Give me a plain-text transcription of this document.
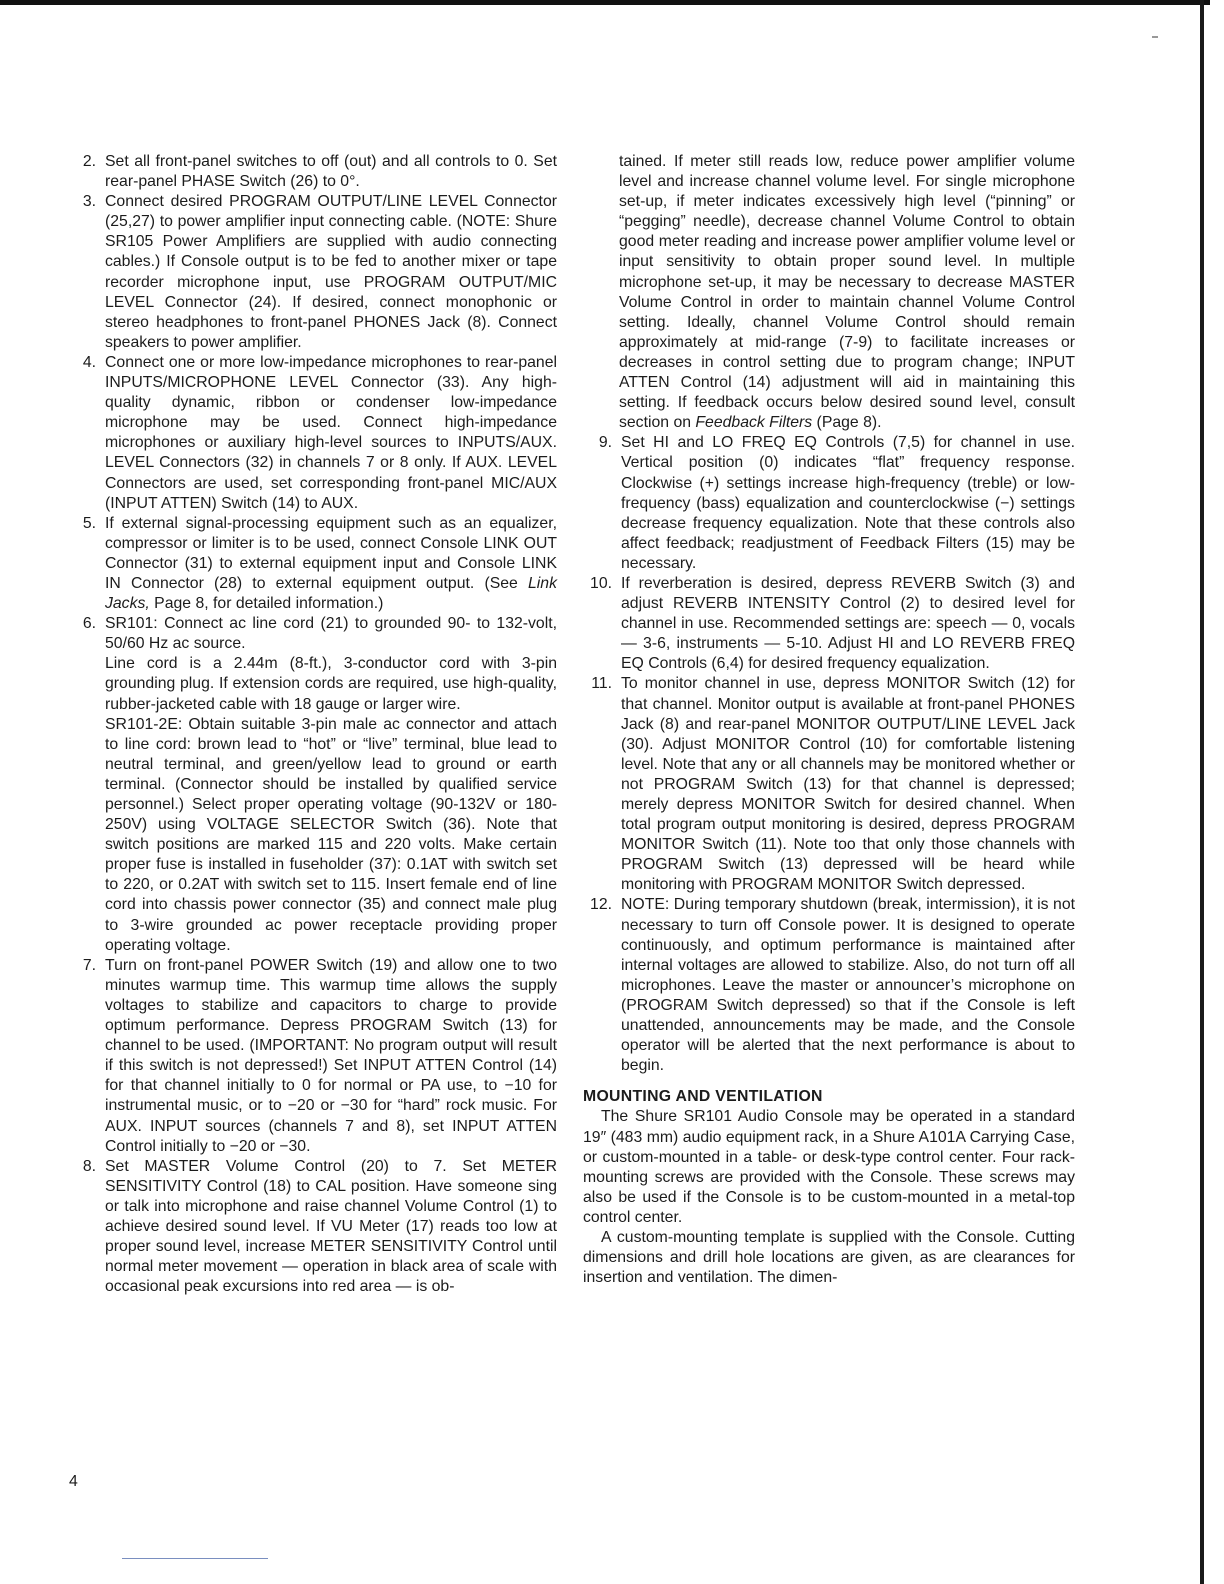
2. Set all front-panel switches to off (out) and all controls to 0. Set rear-panel PHASE Switch (26) to 0°.

3. Connect desired PROGRAM OUTPUT/LINE LEVEL Connector (25,27) to power amplifier input connecting cable. (NOTE: Shure SR105 Power Amplifiers are supplied with audio connecting cables.) If Console output is to be fed to another mixer or tape recorder microphone input, use PROGRAM OUTPUT/MIC LEVEL Connector (24). If desired, connect monophonic or stereo headphones to front-panel PHONES Jack (8). Connect speakers to power amplifier.

4. Connect one or more low-impedance microphones to rear-panel INPUTS/MICROPHONE LEVEL Connector (33). Any high-quality dynamic, ribbon or condenser low-impedance microphone may be used. Connect high-impedance microphones or auxiliary high-level sources to INPUTS/AUX. LEVEL Connectors (32) in channels 7 or 8 only. If AUX. LEVEL Connectors are used, set corresponding front-panel MIC/AUX (INPUT ATTEN) Switch (14) to AUX.

5. If external signal-processing equipment such as an equalizer, compressor or limiter is to be used, connect Console LINK OUT Connector (31) to external equipment input and Console LINK IN Connector (28) to external equipment output. (See Link Jacks, Page 8, for detailed information.)

6. SR101: Connect ac line cord (21) to grounded 90- to 132-volt, 50/60 Hz ac source.

Line cord is a 2.44m (8-ft.), 3-conductor cord with 3-pin grounding plug. If extension cords are required, use high-quality, rubber-jacketed cable with 18 gauge or larger wire.

SR101-2E: Obtain suitable 3-pin male ac connector and attach to line cord: brown lead to “hot” or “live” terminal, blue lead to neutral terminal, and green/yellow lead to ground or earth terminal. (Connector should be installed by qualified service personnel.) Select proper operating voltage (90-132V or 180-250V) using VOLTAGE SELECTOR Switch (36). Note that switch positions are marked 115 and 220 volts. Make certain proper fuse is installed in fuseholder (37): 0.1AT with switch set to 220, or 0.2AT with switch set to 115. Insert female end of line cord into chassis power connector (35) and connect male plug to 3-wire grounded ac power receptacle providing proper operating voltage.

7. Turn on front-panel POWER Switch (19) and allow one to two minutes warmup time. This warmup time allows the supply voltages to stabilize and capacitors to charge to provide optimum performance. Depress PROGRAM Switch (13) for channel to be used. (IMPORTANT: No program output will result if this switch is not depressed!) Set INPUT ATTEN Control (14) for that channel initially to 0 for normal or PA use, to −10 for instrumental music, or to −20 or −30 for “hard” rock music. For AUX. INPUT sources (channels 7 and 8), set INPUT ATTEN Control initially to −20 or −30.

8. Set MASTER Volume Control (20) to 7. Set METER SENSITIVITY Control (18) to CAL position. Have someone sing or talk into microphone and raise channel Volume Control (1) to achieve desired sound level. If VU Meter (17) reads too low at proper sound level, increase METER SENSITIVITY Control until normal meter movement — operation in black area of scale with occasional peak excursions into red area — is ob-

tained. If meter still reads low, reduce power amplifier volume level and increase channel volume level. For single microphone set-up, if meter indicates excessively high level (“pinning” or “pegging” needle), decrease channel Volume Control to obtain good meter reading and increase power amplifier volume level or input sensitivity to obtain proper sound level. In multiple microphone set-up, it may be necessary to decrease MASTER Volume Control in order to maintain channel Volume Control setting. Ideally, channel Volume Control should remain approximately at mid-range (7-9) to facilitate increases or decreases in control setting due to program change; INPUT ATTEN Control (14) adjustment will aid in maintaining this setting. If feedback occurs below desired sound level, consult section on Feedback Filters (Page 8).

9. Set HI and LO FREQ EQ Controls (7,5) for channel in use. Vertical position (0) indicates “flat” frequency response. Clockwise (+) settings increase high-frequency (treble) or low-frequency (bass) equalization and counterclockwise (−) settings decrease frequency equalization. Note that these controls also affect feedback; readjustment of Feedback Filters (15) may be necessary.

10. If reverberation is desired, depress REVERB Switch (3) and adjust REVERB INTENSITY Control (2) to desired level for channel in use. Recommended settings are: speech — 0, vocals — 3-6, instruments — 5-10. Adjust HI and LO REVERB FREQ EQ Controls (6,4) for desired frequency equalization.

11. To monitor channel in use, depress MONITOR Switch (12) for that channel. Monitor output is available at front-panel PHONES Jack (8) and rear-panel MONITOR OUTPUT/LINE LEVEL Jack (30). Adjust MONITOR Control (10) for comfortable listening level. Note that any or all channels may be monitored whether or not PROGRAM Switch (13) for that channel is depressed; merely depress MONITOR Switch for desired channel. When total program output monitoring is desired, depress PROGRAM MONITOR Switch (11). Note too that only those channels with PROGRAM Switch (13) depressed will be heard while monitoring with PROGRAM MONITOR Switch depressed.

12. NOTE: During temporary shutdown (break, intermission), it is not necessary to turn off Console power. It is designed to operate continuously, and optimum performance is maintained after internal voltages are allowed to stabilize. Also, do not turn off all microphones. Leave the master or announcer’s microphone on (PROGRAM Switch depressed) so that if the Console is left unattended, announcements may be made, and the Console operator will be alerted that the next performance is about to begin.

MOUNTING AND VENTILATION

The Shure SR101 Audio Console may be operated in a standard 19″ (483 mm) audio equipment rack, in a Shure A101A Carrying Case, or custom-mounted in a table- or desk-type control center. Four rack-mounting screws are provided with the Console. These screws may also be used if the Console is to be custom-mounted in a metal-top control center.

A custom-mounting template is supplied with the Console. Cutting dimensions and drill hole locations are given, as are clearances for insertion and ventilation. The dimen-

4
